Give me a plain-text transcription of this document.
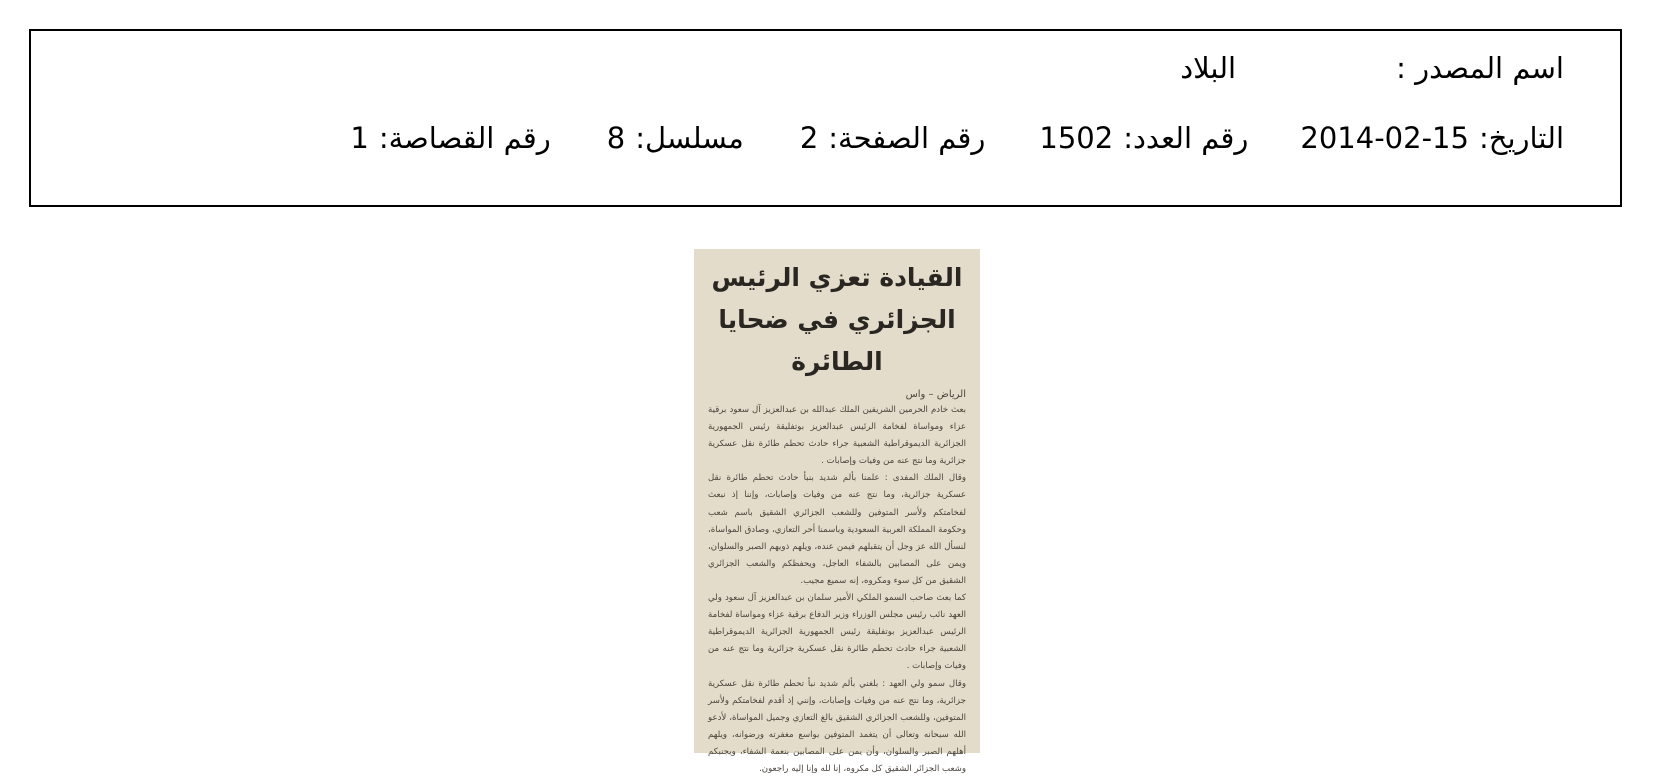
اسم المصدر :
البلاد
التاريخ:
2014-02-15
رقم العدد:
1502
رقم الصفحة:
2
مسلسل:
8
رقم القصاصة:
1
القيادة تعزي الرئيس
الجزائري في ضحايا الطائرة
الرياض – واس

بعث خادم الحرمين الشريفين الملك عبدالله بن عبدالعزيز آل سعود برقية عزاء ومواساة لفخامة الرئيس عبدالعزيز بوتفليقة رئيس الجمهورية الجزائرية الديموقراطية الشعبية جراء حادث تحطم طائرة نقل عسكرية جزائرية وما نتج عنه من وفيات وإصابات .

وقال الملك المفدى : علمنا بألم شديد بنبأ حادث تحطم طائرة نقل عسكرية جزائرية، وما نتج عنه من وفيات وإصابات، وإننا إذ نبعث لفخامتكم ولأسر المتوفين وللشعب الجزائري الشقيق باسم شعب وحكومة المملكة العربية السعودية وباسمنا أحر التعازي، وصادق المواساة، لنسأل الله عز وجل أن يتقبلهم فيمن عنده، ويلهم ذويهم الصبر والسلوان، ويمن على المصابين بالشفاء العاجل، ويحفظكم والشعب الجزائري الشقيق من كل سوء ومكروه، إنه سميع مجيب.

كما بعث صاحب السمو الملكي الأمير سلمان بن عبدالعزيز آل سعود ولي العهد نائب رئيس مجلس الوزراء وزير الدفاع برقية عزاء ومواساة لفخامة الرئيس عبدالعزيز بوتفليقة رئيس الجمهورية الجزائرية الديموقراطية الشعبية جراء حادث تحطم طائرة نقل عسكرية جزائرية وما نتج عنه من وفيات وإصابات .

وقال سمو ولي العهد : بلغني بألم شديد نبأ تحطم طائرة نقل عسكرية جزائرية، وما نتج عنه من وفيات وإصابات، وإنني إذ أقدم لفخامتكم ولأسر المتوفين، وللشعب الجزائري الشقيق بالغ التعازي وجميل المواساة، لأدعو الله سبحانه وتعالى أن يتغمد المتوفين بواسع مغفرته ورضوانه، ويلهم أهلهم الصبر والسلوان، وأن يمن على المصابين بنعمة الشفاء، ويجنبكم وشعب الجزائر الشقيق كل مكروه، إنا لله وإنا إليه راجعون.
